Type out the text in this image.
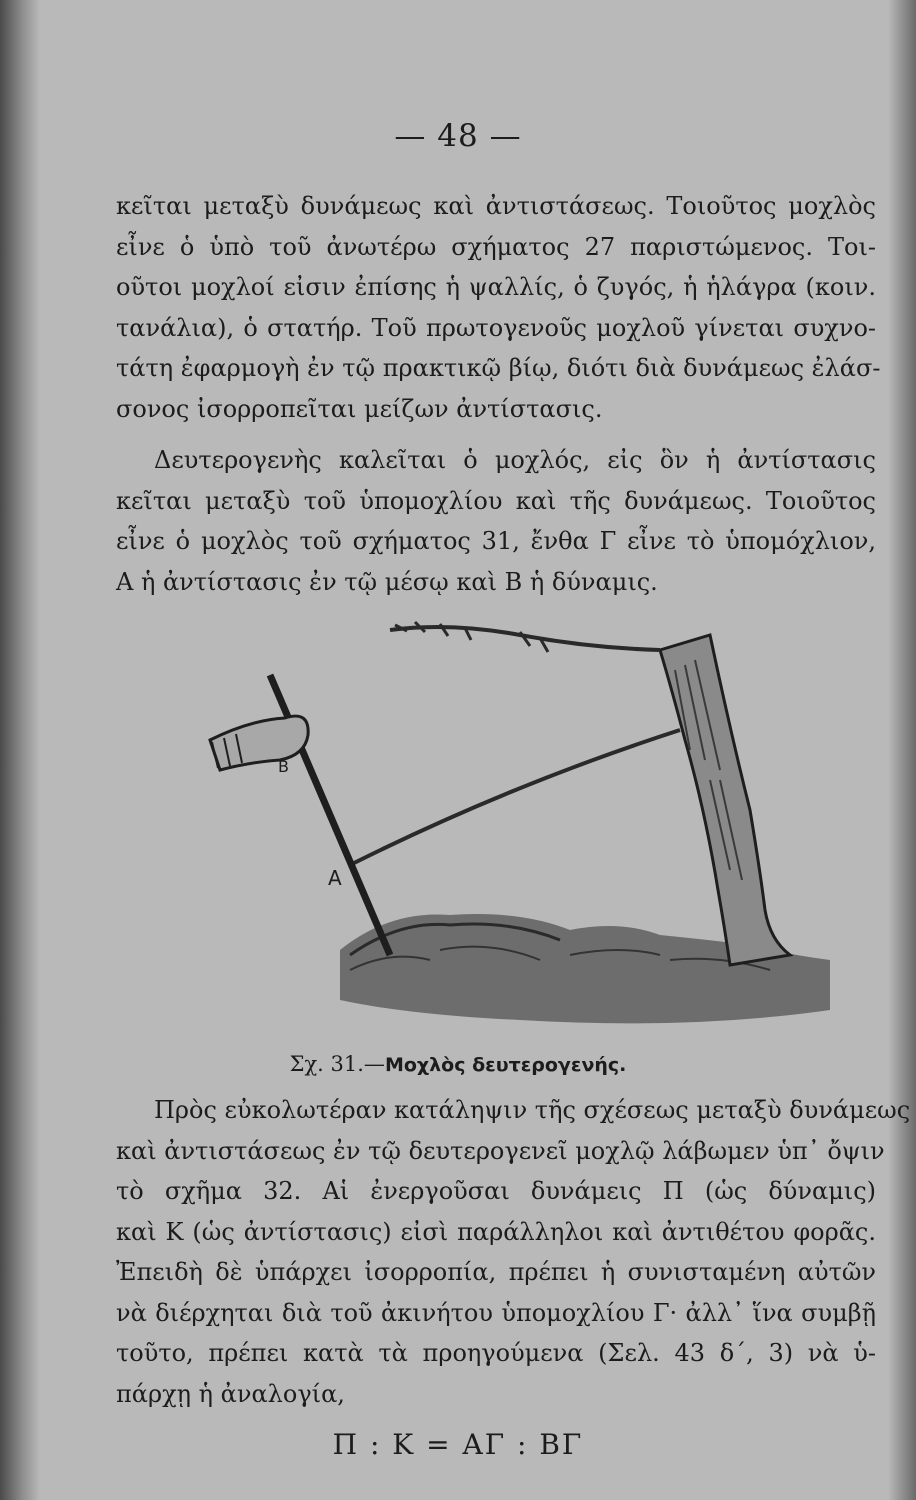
— 48 —
κεῖται μεταξὺ δυνάμεως καὶ ἀντιστάσεως. Τοιοῦτος μοχλὸς
εἶνε ὁ ὑπὸ τοῦ ἀνωτέρω σχήματος 27 παριστώμενος. Τοι-
οῦτοι μοχλοί εἰσιν ἐπίσης ἡ ψαλλίς, ὁ ζυγός, ἡ ἡλάγρα (κοιν.
τανάλια), ὁ στατήρ. Τοῦ πρωτογενοῦς μοχλοῦ γίνεται συχνο-
τάτη ἐφαρμογὴ ἐν τῷ πρακτικῷ βίῳ, διότι διὰ δυνάμεως ἐλάσ-
σονος ἰσορροπεῖται μείζων ἀντίστασις.
Δευτερογενὴς καλεῖται ὁ μοχλός, εἰς ὃν ἡ ἀντίστασις
κεῖται μεταξὺ τοῦ ὑπομοχλίου καὶ τῆς δυνάμεως. Τοιοῦτος
εἶνε ὁ μοχλὸς τοῦ σχήματος 31, ἔνθα Γ εἶνε τὸ ὑπομόχλιον,
Α ἡ ἀντίστασις ἐν τῷ μέσῳ καὶ Β ἡ δύναμις.
Α
Β
Σχ. 31.—Μοχλὸς δευτερογενής.
Πρὸς εὐκολωτέραν κατάληψιν τῆς σχέσεως μεταξὺ δυνάμεως
καὶ ἀντιστάσεως ἐν τῷ δευτερογενεῖ μοχλῷ λάβωμεν ὑπ᾽ ὄψιν
τὸ σχῆμα 32. Αἱ ἐνεργοῦσαι δυνάμεις Π (ὡς δύναμις)
καὶ Κ (ὡς ἀντίστασις) εἰσὶ παράλληλοι καὶ ἀντιθέτου φορᾶς.
Ἐπειδὴ δὲ ὑπάρχει ἰσορροπία, πρέπει ἡ συνισταμένη αὐτῶν
νὰ διέρχηται διὰ τοῦ ἀκινήτου ὑπομοχλίου Γ· ἀλλ᾽ ἵνα συμβῇ
τοῦτο, πρέπει κατὰ τὰ προηγούμενα (Σελ. 43 δ´, 3) νὰ ὑ-
πάρχῃ ἡ ἀναλογία,
Π : Κ = ΑΓ : ΒΓ
